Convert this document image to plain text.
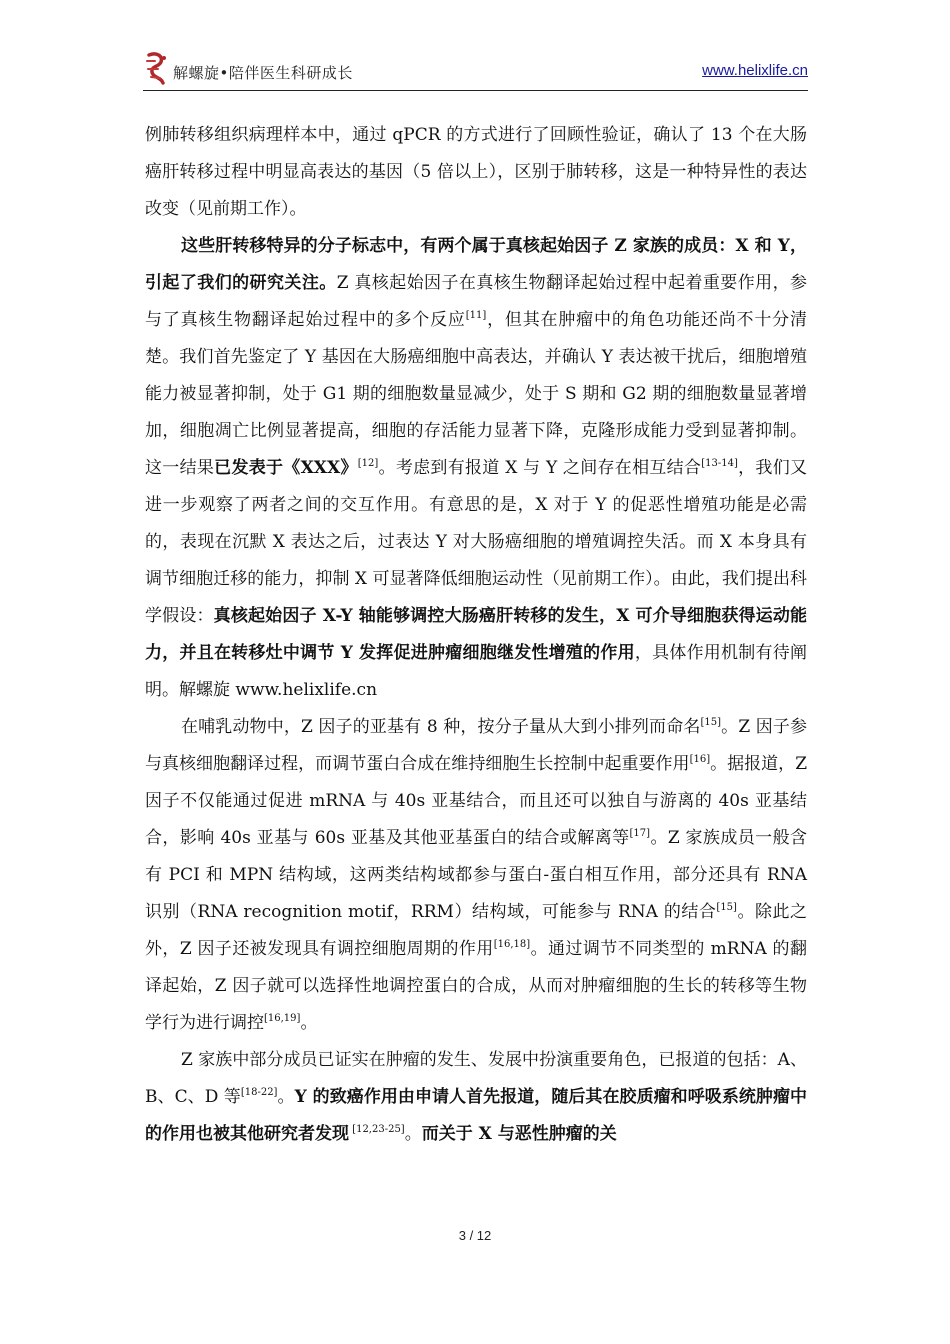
解螺旋•陪伴医生科研成长	www.helixlife.cn

例肺转移组织病理样本中，通过 qPCR 的方式进行了回顾性验证，确认了 13 个在大肠癌肝转移过程中明显高表达的基因（5 倍以上），区别于肺转移，这是一种特异性的表达改变（见前期工作）。

这些肝转移特异的分子标志中，有两个属于真核起始因子 Z 家族的成员：X 和 Y，引起了我们的研究关注。Z 真核起始因子在真核生物翻译起始过程中起着重要作用，参与了真核生物翻译起始过程中的多个反应[11]，但其在肿瘤中的角色功能还尚不十分清楚。我们首先鉴定了 Y 基因在大肠癌细胞中高表达，并确认 Y 表达被干扰后，细胞增殖能力被显著抑制，处于 G1 期的细胞数量显减少，处于 S 期和 G2 期的细胞数量显著增加，细胞凋亡比例显著提高，细胞的存活能力显著下降，克隆形成能力受到显著抑制。这一结果已发表于《XXX》[12]。考虑到有报道 X 与 Y 之间存在相互结合[13-14]，我们又进一步观察了两者之间的交互作用。有意思的是，X 对于 Y 的促恶性增殖功能是必需的，表现在沉默 X 表达之后，过表达 Y 对大肠癌细胞的增殖调控失活。而 X 本身具有调节细胞迁移的能力，抑制 X 可显著降低细胞运动性（见前期工作）。由此，我们提出科学假设：真核起始因子 X-Y 轴能够调控大肠癌肝转移的发生，X 可介导细胞获得运动能力，并且在转移灶中调节 Y 发挥促进肿瘤细胞继发性增殖的作用，具体作用机制有待阐明。解螺旋 www.helixlife.cn

在哺乳动物中，Z 因子的亚基有 8 种，按分子量从大到小排列而命名[15]。Z 因子参与真核细胞翻译过程，而调节蛋白合成在维持细胞生长控制中起重要作用[16]。据报道，Z 因子不仅能通过促进 mRNA 与 40s 亚基结合，而且还可以独自与游离的 40s 亚基结合，影响 40s 亚基与 60s 亚基及其他亚基蛋白的结合或解离等[17]。Z 家族成员一般含有 PCI 和 MPN 结构域，这两类结构域都参与蛋白-蛋白相互作用，部分还具有 RNA 识别（RNA recognition motif，RRM）结构域，可能参与 RNA 的结合[15]。除此之外，Z 因子还被发现具有调控细胞周期的作用[16,18]。通过调节不同类型的 mRNA 的翻译起始，Z 因子就可以选择性地调控蛋白的合成，从而对肿瘤细胞的生长的转移等生物学行为进行调控[16,19]。

Z 家族中部分成员已证实在肿瘤的发生、发展中扮演重要角色，已报道的包括：A、B、C、D 等[18-22]。Y 的致癌作用由申请人首先报道，随后其在胶质瘤和呼吸系统肿瘤中的作用也被其他研究者发现 [12,23-25]。而关于 X 与恶性肿瘤的关

3 / 12
